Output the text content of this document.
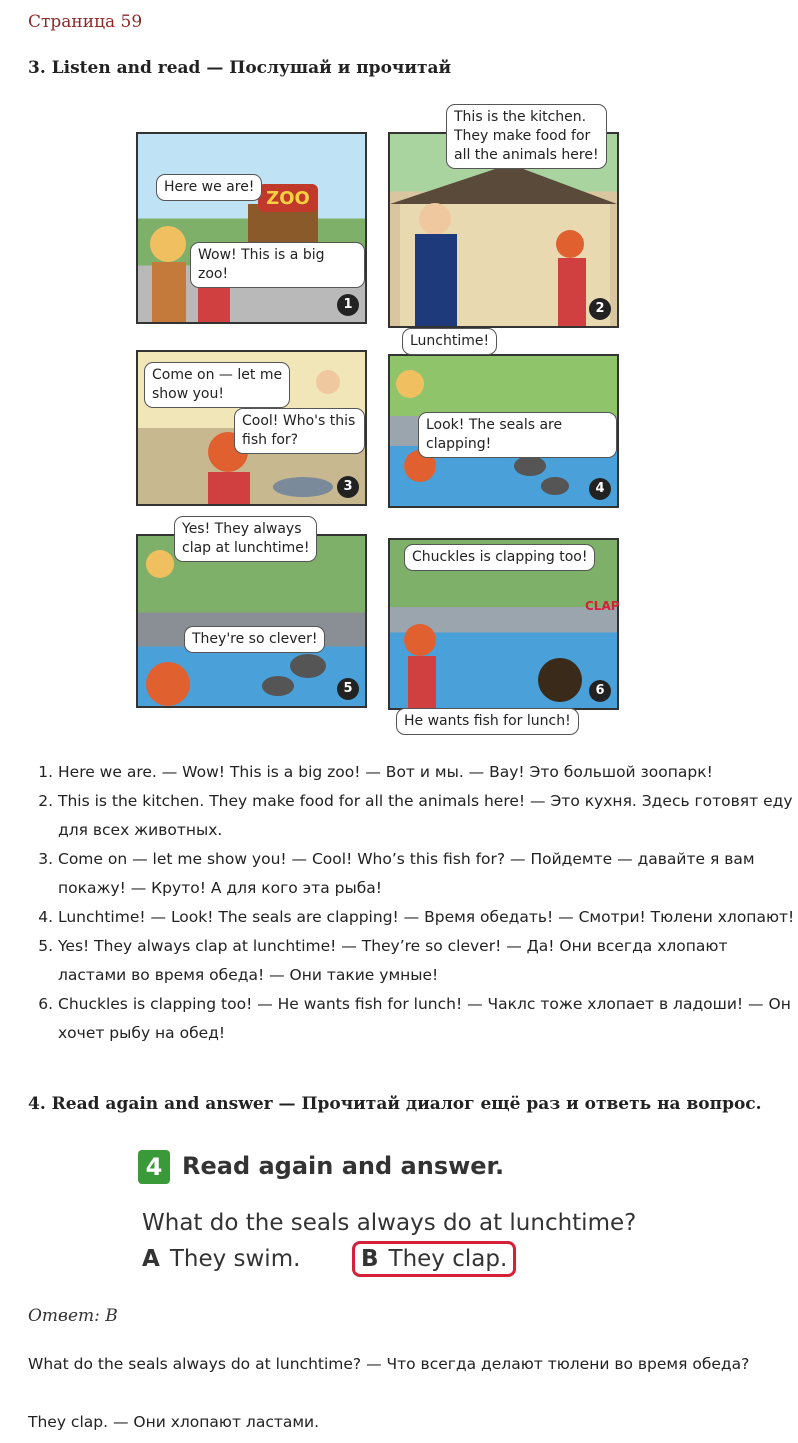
Страница 59
3. Listen and read — Послушай и прочитай
ZOO
Here we are!
Wow! This is a big zoo!
1
This is the kitchen.
They make food for
all the animals here!
2
Come on — let me
show you!
Cool! Who's this fish for?
3
Lunchtime!
Look! The seals are clapping!
4
Yes! They always
clap at lunchtime!
They're so clever!
5
CLAP
Chuckles is clapping too!
6
He wants fish for lunch!
1. Here we are. — Wow! This is a big zoo! — Вот и мы. — Вау! Это большой зоопарк!
2. This is the kitchen. They make food for all the animals here! — Это кухня. Здесь готовят еду для всех животных.
3. Come on — let me show you! — Cool! Who’s this fish for? — Пойдемте — давайте я вам покажу! — Круто! А для кого эта рыба!
4. Lunchtime! — Look! The seals are clapping! — Время обедать! — Смотри! Тюлени хлопают!
5. Yes! They always clap at lunchtime! — They’re so clever! — Да! Они всегда хлопают ластами во время обеда! — Они такие умные!
6. Chuckles is clapping too! — He wants fish for lunch! — Чаклс тоже хлопает в ладоши! — Он хочет рыбу на обед!
4. Read again and answer — Прочитай диалог ещё раз и ответь на вопрос.
4 Read again and answer.
What do the seals always do at lunchtime?
A They swim.	B They clap.
Ответ: B
What do the seals always do at lunchtime? — Что всегда делают тюлени во время обеда?
They clap. — Они хлопают ластами.
